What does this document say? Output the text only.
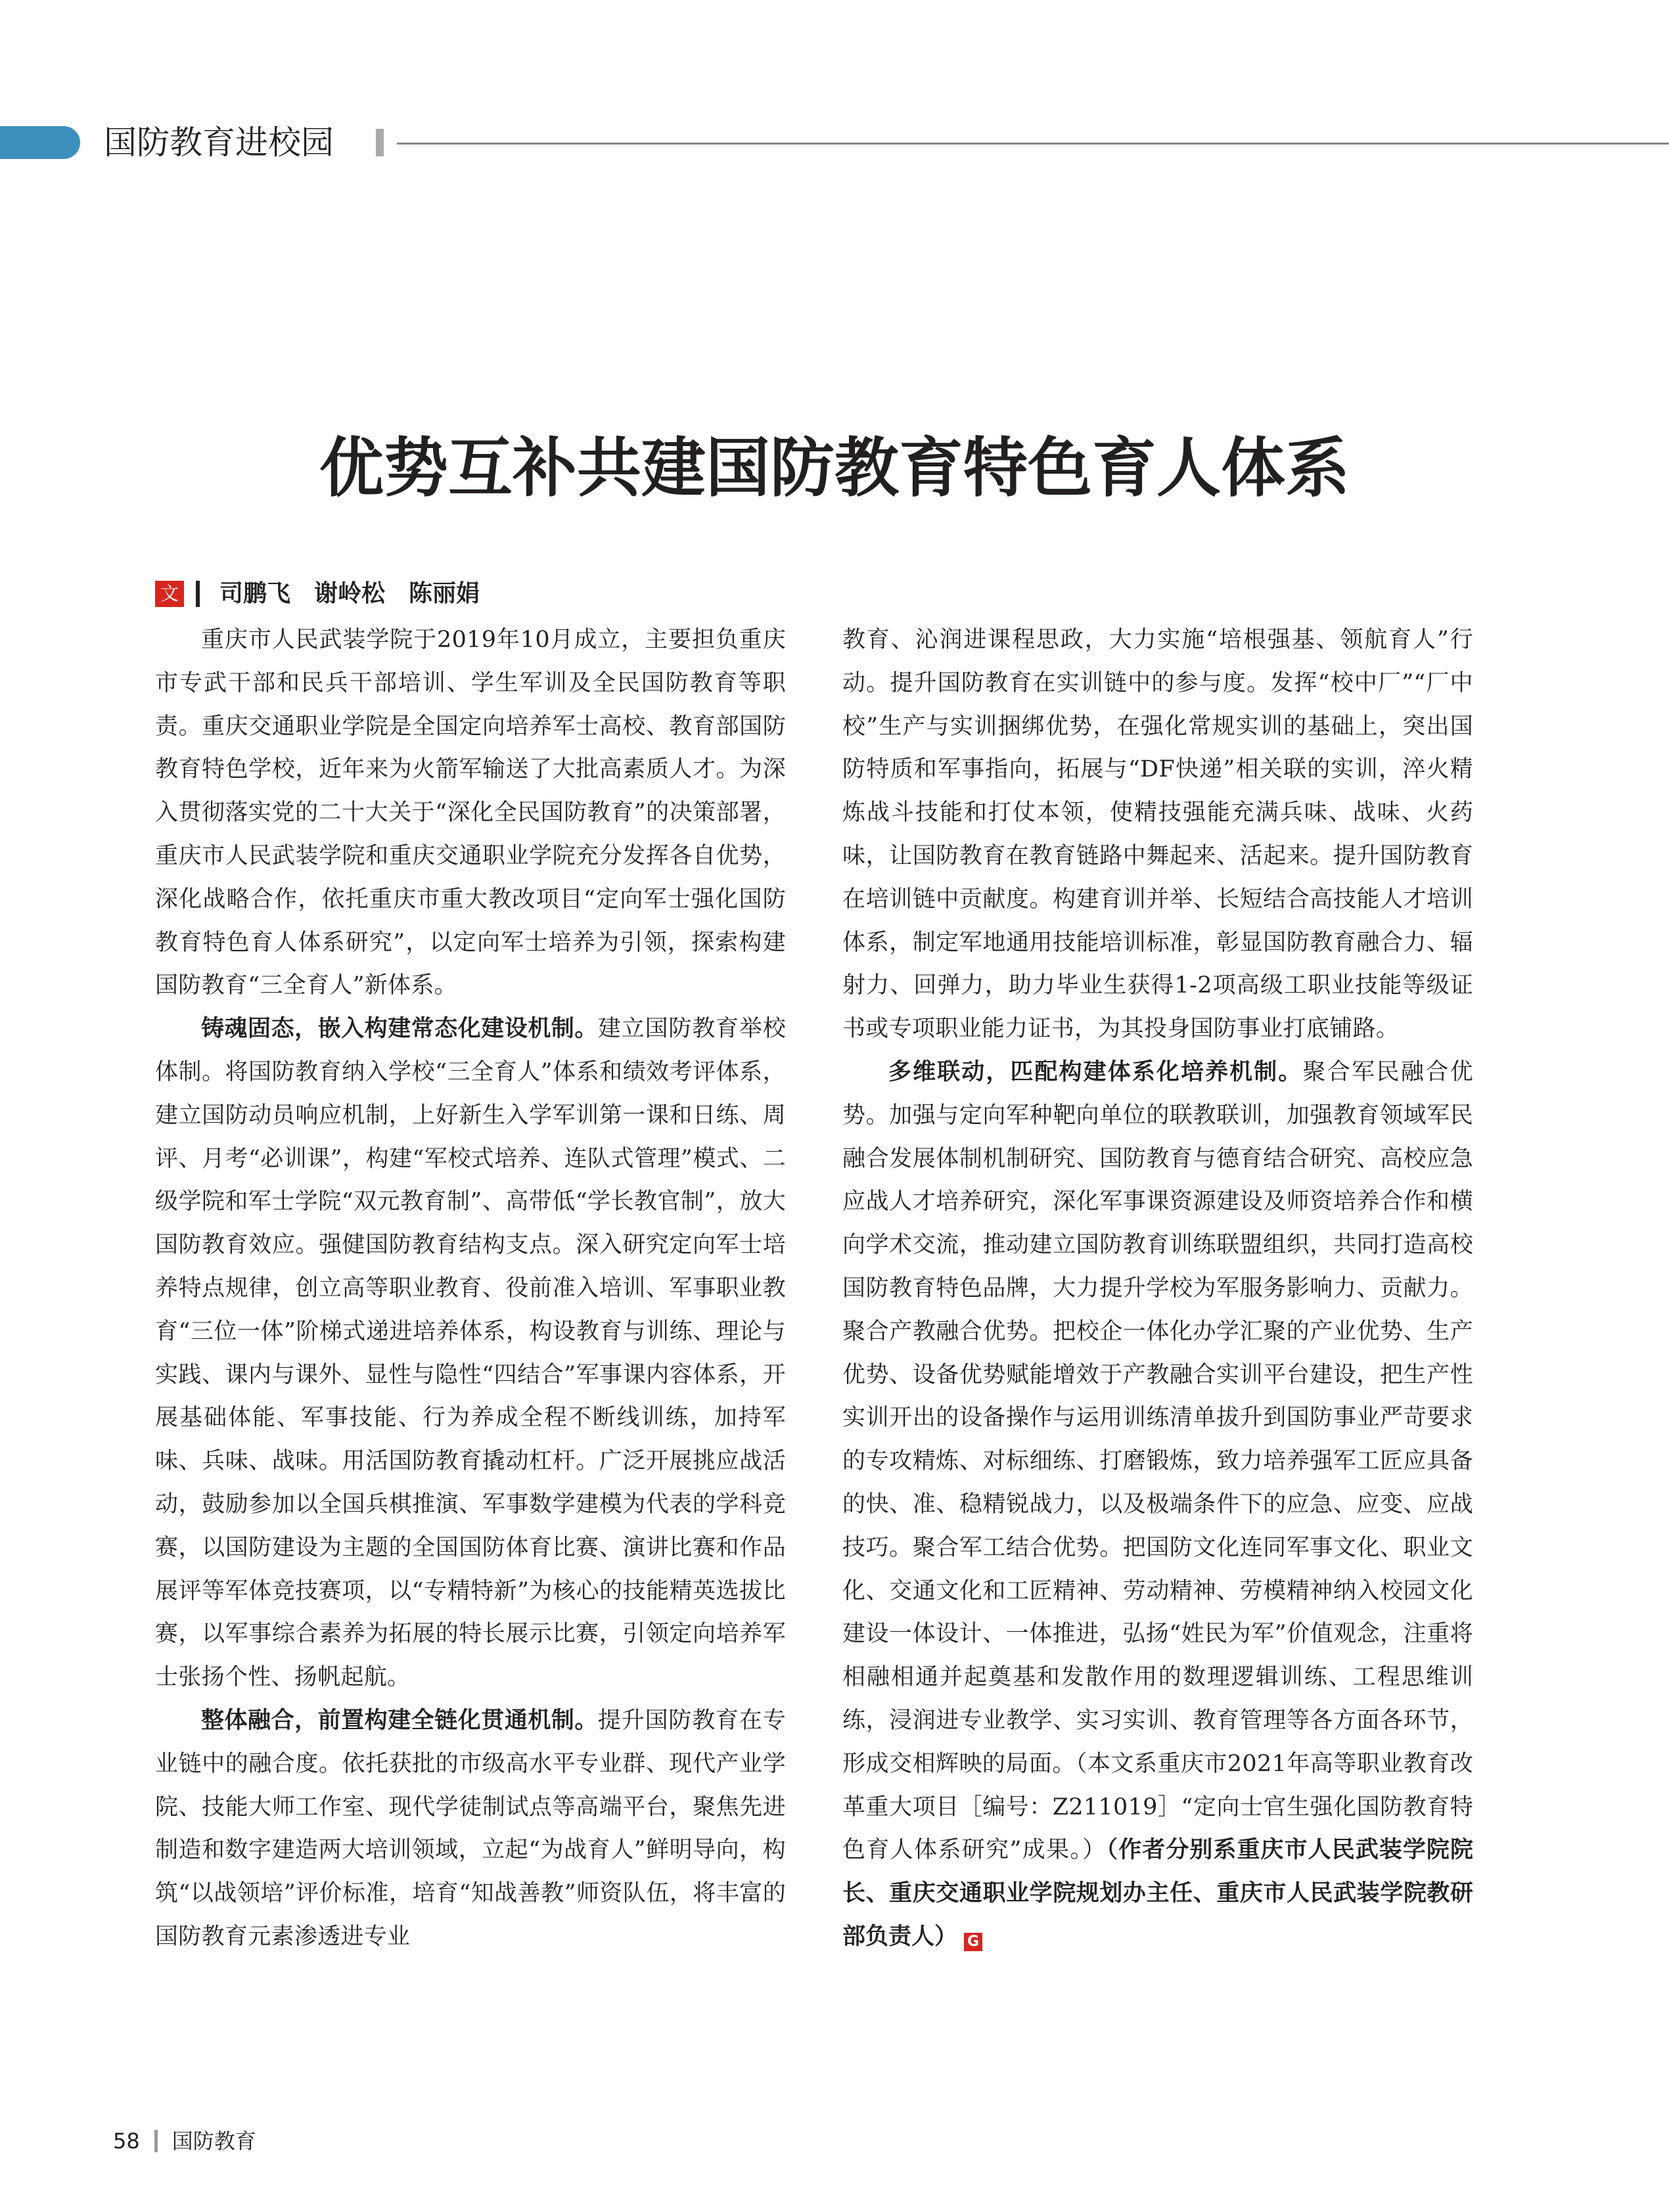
国防教育进校园
优势互补共建国防教育特色育人体系
文 司鹏飞　谢岭松　陈丽娟

重庆市人民武装学院于2019年10月成立，主要担负重庆市专武干部和民兵干部培训、学生军训及全民国防教育等职责。重庆交通职业学院是全国定向培养军士高校、教育部国防教育特色学校，近年来为火箭军输送了大批高素质人才。为深入贯彻落实党的二十大关于“深化全民国防教育”的决策部署，重庆市人民武装学院和重庆交通职业学院充分发挥各自优势，深化战略合作，依托重庆市重大教改项目“定向军士强化国防教育特色育人体系研究”，以定向军士培养为引领，探索构建国防教育“三全育人”新体系。

铸魂固态，嵌入构建常态化建设机制。建立国防教育举校体制。将国防教育纳入学校“三全育人”体系和绩效考评体系，建立国防动员响应机制，上好新生入学军训第一课和日练、周评、月考“必训课”，构建“军校式培养、连队式管理”模式、二级学院和军士学院“双元教育制”、高带低“学长教官制”，放大国防教育效应。强健国防教育结构支点。深入研究定向军士培养特点规律，创立高等职业教育、役前准入培训、军事职业教育“三位一体”阶梯式递进培养体系，构设教育与训练、理论与实践、课内与课外、显性与隐性“四结合”军事课内容体系，开展基础体能、军事技能、行为养成全程不断线训练，加持军味、兵味、战味。用活国防教育撬动杠杆。广泛开展挑应战活动，鼓励参加以全国兵棋推演、军事数学建模为代表的学科竞赛，以国防建设为主题的全国国防体育比赛、演讲比赛和作品展评等军体竞技赛项，以“专精特新”为核心的技能精英选拔比赛，以军事综合素养为拓展的特长展示比赛，引领定向培养军士张扬个性、扬帆起航。

整体融合，前置构建全链化贯通机制。提升国防教育在专业链中的融合度。依托获批的市级高水平专业群、现代产业学院、技能大师工作室、现代学徒制试点等高端平台，聚焦先进制造和数字建造两大培训领域，立起“为战育人”鲜明导向，构筑“以战领培”评价标准，培育“知战善教”师资队伍，将丰富的国防教育元素渗透进专业

教育、沁润进课程思政，大力实施“培根强基、领航育人”行动。提升国防教育在实训链中的参与度。发挥“校中厂”“厂中校”生产与实训捆绑优势，在强化常规实训的基础上，突出国防特质和军事指向，拓展与“DF快递”相关联的实训，淬火精炼战斗技能和打仗本领，使精技强能充满兵味、战味、火药味，让国防教育在教育链路中舞起来、活起来。提升国防教育在培训链中贡献度。构建育训并举、长短结合高技能人才培训体系，制定军地通用技能培训标准，彰显国防教育融合力、辐射力、回弹力，助力毕业生获得1-2项高级工职业技能等级证书或专项职业能力证书，为其投身国防事业打底铺路。

多维联动，匹配构建体系化培养机制。聚合军民融合优势。加强与定向军种靶向单位的联教联训，加强教育领域军民融合发展体制机制研究、国防教育与德育结合研究、高校应急应战人才培养研究，深化军事课资源建设及师资培养合作和横向学术交流，推动建立国防教育训练联盟组织，共同打造高校国防教育特色品牌，大力提升学校为军服务影响力、贡献力。聚合产教融合优势。把校企一体化办学汇聚的产业优势、生产优势、设备优势赋能增效于产教融合实训平台建设，把生产性实训开出的设备操作与运用训练清单拔升到国防事业严苛要求的专攻精炼、对标细练、打磨锻炼，致力培养强军工匠应具备的快、准、稳精锐战力，以及极端条件下的应急、应变、应战技巧。聚合军工结合优势。把国防文化连同军事文化、职业文化、交通文化和工匠精神、劳动精神、劳模精神纳入校园文化建设一体设计、一体推进，弘扬“姓民为军”价值观念，注重将相融相通并起奠基和发散作用的数理逻辑训练、工程思维训练，浸润进专业教学、实习实训、教育管理等各方面各环节，形成交相辉映的局面。（本文系重庆市2021年高等职业教育改革重大项目［编号：Z211019］“定向士官生强化国防教育特色育人体系研究”成果。）（作者分别系重庆市人民武装学院院长、重庆交通职业学院规划办主任、重庆市人民武装学院教研部负责人） G

58 国防教育
